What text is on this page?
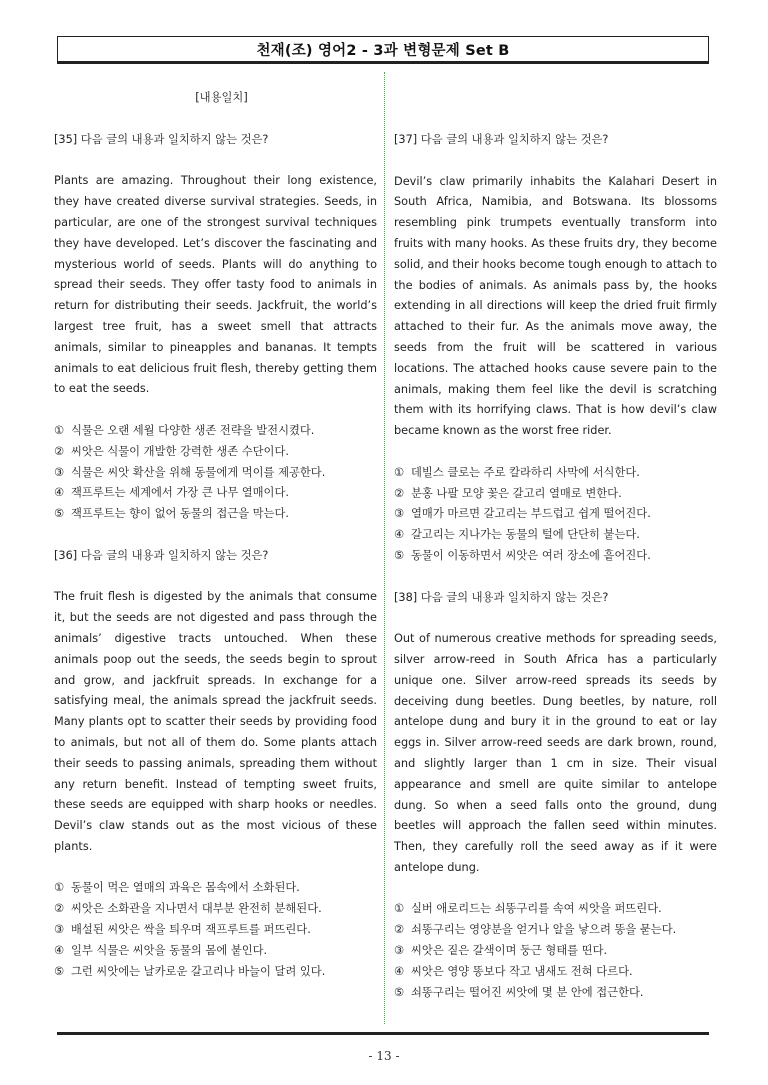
천재(조) 영어2 - 3과 변형문제 Set B
[내용일치]

[35] 다음 글의 내용과 일치하지 않는 것은?

Plants are amazing. Throughout their long existence, they have created diverse survival strategies. Seeds, in particular, are one of the strongest survival techniques they have developed. Let’s discover the fascinating and mysterious world of seeds. Plants will do anything to spread their seeds. They offer tasty food to animals in return for distributing their seeds. Jackfruit, the world’s largest tree fruit, has a sweet smell that attracts animals, similar to pineapples and bananas. It tempts animals to eat delicious fruit flesh, thereby getting them to eat the seeds.

① 식물은 오랜 세월 다양한 생존 전략을 발전시켰다.
② 씨앗은 식물이 개발한 강력한 생존 수단이다.
③ 식물은 씨앗 확산을 위해 동물에게 먹이를 제공한다.
④ 잭프루트는 세계에서 가장 큰 나무 열매이다.
⑤ 잭프루트는 향이 없어 동물의 접근을 막는다.

[36] 다음 글의 내용과 일치하지 않는 것은?

The fruit flesh is digested by the animals that consume it, but the seeds are not digested and pass through the animals’ digestive tracts untouched. When these animals poop out the seeds, the seeds begin to sprout and grow, and jackfruit spreads. In exchange for a satisfying meal, the animals spread the jackfruit seeds. Many plants opt to scatter their seeds by providing food to animals, but not all of them do. Some plants attach their seeds to passing animals, spreading them without any return benefit. Instead of tempting sweet fruits, these seeds are equipped with sharp hooks or needles. Devil’s claw stands out as the most vicious of these plants.

① 동물이 먹은 열매의 과육은 몸속에서 소화된다.
② 씨앗은 소화관을 지나면서 대부분 완전히 분해된다.
③ 배설된 씨앗은 싹을 틔우며 잭프루트를 퍼뜨린다.
④ 일부 식물은 씨앗을 동물의 몸에 붙인다.
⑤ 그런 씨앗에는 날카로운 갈고리나 바늘이 달려 있다.

[37] 다음 글의 내용과 일치하지 않는 것은?

Devil’s claw primarily inhabits the Kalahari Desert in South Africa, Namibia, and Botswana. Its blossoms resembling pink trumpets eventually transform into fruits with many hooks. As these fruits dry, they become solid, and their hooks become tough enough to attach to the bodies of animals. As animals pass by, the hooks extending in all directions will keep the dried fruit firmly attached to their fur. As the animals move away, the seeds from the fruit will be scattered in various locations. The attached hooks cause severe pain to the animals, making them feel like the devil is scratching them with its horrifying claws. That is how devil’s claw became known as the worst free rider.

① 데빌스 클로는 주로 칼라하리 사막에 서식한다.
② 분홍 나팔 모양 꽃은 갈고리 열매로 변한다.
③ 열매가 마르면 갈고리는 부드럽고 쉽게 떨어진다.
④ 갈고리는 지나가는 동물의 털에 단단히 붙는다.
⑤ 동물이 이동하면서 씨앗은 여러 장소에 흩어진다.

[38] 다음 글의 내용과 일치하지 않는 것은?

Out of numerous creative methods for spreading seeds, silver arrow-reed in South Africa has a particularly unique one. Silver arrow-reed spreads its seeds by deceiving dung beetles. Dung beetles, by nature, roll antelope dung and bury it in the ground to eat or lay eggs in. Silver arrow-reed seeds are dark brown, round, and slightly larger than 1 cm in size. Their visual appearance and smell are quite similar to antelope dung. So when a seed falls onto the ground, dung beetles will approach the fallen seed within minutes. Then, they carefully roll the seed away as if it were antelope dung.

① 실버 애로리드는 쇠똥구리를 속여 씨앗을 퍼뜨린다.
② 쇠똥구리는 영양분을 얻거나 알을 낳으려 똥을 묻는다.
③ 씨앗은 짙은 갈색이며 둥근 형태를 띤다.
④ 씨앗은 영양 똥보다 작고 냄새도 전혀 다르다.
⑤ 쇠똥구리는 떨어진 씨앗에 몇 분 안에 접근한다.
- 13 -
